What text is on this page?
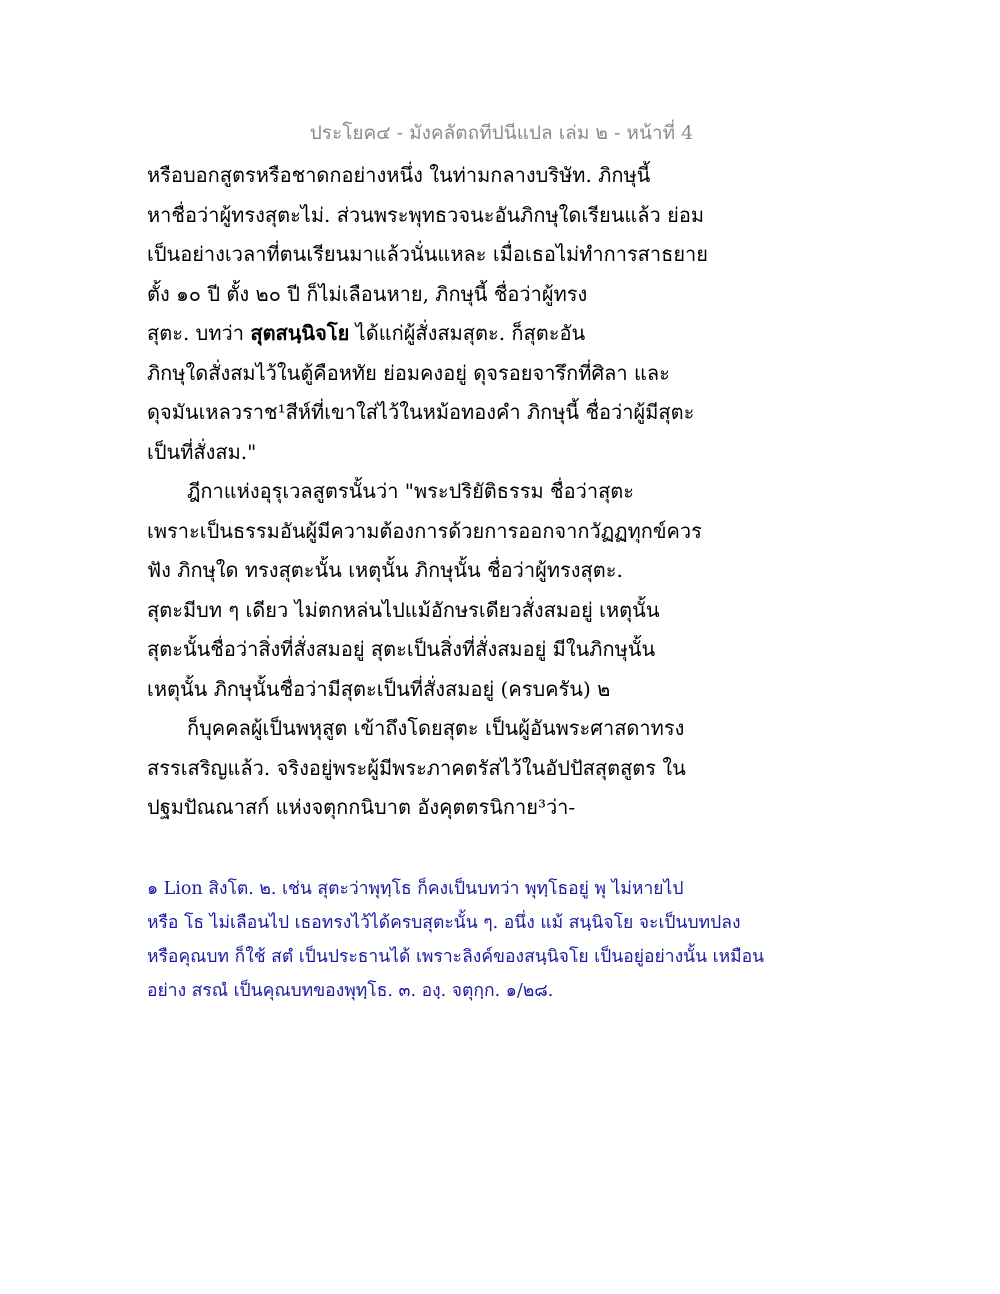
ประโยค๔ - มังคลัตถทีปนีแปล เล่ม ๒ - หน้าที่ 4
หรือบอกสูตรหรือชาดกอย่างหนึ่ง ในท่ามกลางบริษัท. ภิกษุนี้
หาชื่อว่าผู้ทรงสุตะไม่. ส่วนพระพุทธวจนะอันภิกษุใดเรียนแล้ว ย่อม
เป็นอย่างเวลาที่ตนเรียนมาแล้วนั่นแหละ เมื่อเธอไม่ทำการสาธยาย
ตั้ง ๑๐ ปี ตั้ง ๒๐ ปี ก็ไม่เลือนหาย, ภิกษุนี้ ชื่อว่าผู้ทรง
สุตะ. บทว่า สุตสนฺนิจโย ได้แก่ผู้สั่งสมสุตะ. ก็สุตะอัน
ภิกษุใดสั่งสมไว้ในตู้คือหทัย ย่อมคงอยู่ ดุจรอยจารึกที่ศิลา และ
ดุจมันเหลวราช¹สีห์ที่เขาใส่ไว้ในหม้อทองคำ ภิกษุนี้ ชื่อว่าผู้มีสุตะ
เป็นที่สั่งสม."
ฎีกาแห่งอุรุเวลสูตรนั้นว่า "พระปริยัติธรรม ชื่อว่าสุตะ
เพราะเป็นธรรมอันผู้มีความต้องการด้วยการออกจากวัฏฏทุกข์ควร
ฟัง ภิกษุใด ทรงสุตะนั้น เหตุนั้น ภิกษุนั้น ชื่อว่าผู้ทรงสุตะ.
สุตะมีบท ๆ เดียว ไม่ตกหล่นไปแม้อักษรเดียวสั่งสมอยู่ เหตุนั้น
สุตะนั้นชื่อว่าสิ่งที่สั่งสมอยู่ สุตะเป็นสิ่งที่สั่งสมอยู่ มีในภิกษุนั้น
เหตุนั้น ภิกษุนั้นชื่อว่ามีสุตะเป็นที่สั่งสมอยู่ (ครบครัน) ๒
ก็บุคคลผู้เป็นพหุสูต เข้าถึงโดยสุตะ เป็นผู้อันพระศาสดาทรง
สรรเสริญแล้ว. จริงอยู่พระผู้มีพระภาคตรัสไว้ในอัปปัสสุตสูตร ใน
ปฐมปัณณาสก์ แห่งจตุกกนิบาต อังคุตตรนิกาย³ว่า-
๑ Lion สิงโต. ๒. เช่น สุตะว่าพุทฺโธ ก็คงเป็นบทว่า พุทฺโธอยู่ พุ ไม่หายไป
หรือ โธ ไม่เลือนไป เธอทรงไว้ได้ครบสุตะนั้น ๆ. อนึ่ง แม้ สนฺนิจโย จะเป็นบทปลง
หรือคุณบท ก็ใช้ สตํ เป็นประธานได้ เพราะลิงค์ของสนฺนิจโย เป็นอยู่อย่างนั้น เหมือน
อย่าง สรณํ เป็นคุณบทของพุทฺโธ. ๓. องฺ. จตุกฺก. ๑/๒๘.
